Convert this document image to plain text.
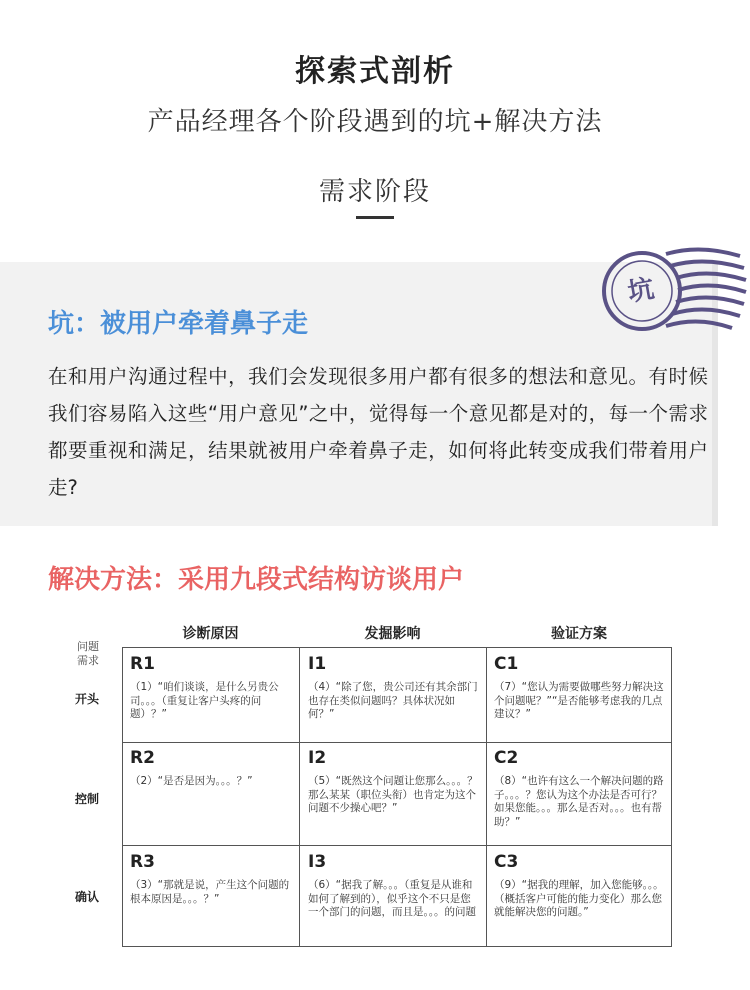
探索式剖析
产品经理各个阶段遇到的坑+解决方法
需求阶段
坑
坑：被用户牵着鼻子走
在和用户沟通过程中，我们会发现很多用户都有很多的想法和意见。有时候我们容易陷入这些“用户意见”之中，觉得每一个意见都是对的，每一个需求都要重视和满足，结果就被用户牵着鼻子走，如何将此转变成我们带着用户走?
解决方法：采用九段式结构访谈用户
诊断原因	发掘影响	验证方案
问题
需求
开头
控制
确认
R1
（1）“咱们谈谈，是什么另贵公司。。。（重复让客户头疼的问题）？”
I1
（4）“除了您，贵公司还有其余部门也存在类似问题吗？具体状况如何？”
C1
（7）“您认为需要做哪些努力解决这个问题呢？”“是否能够考虑我的几点建议？”
R2
（2）“是否是因为。。。？”
I2
（5）“既然这个问题让您那么。。。？那么某某（职位头衔）也肯定为这个问题不少操心吧？”
C2
（8）“也许有这么一个解决问题的路子。。。？您认为这个办法是否可行？如果您能。。。那么是否对。。。也有帮助？”
R3
（3）“那就是说，产生这个问题的根本原因是。。。？”
I3
（6）“据我了解。。。（重复是从谁和如何了解到的），似乎这个不只是您一个部门的问题，而且是。。。的问题
C3
（9）“据我的理解，加入您能够。。。（概括客户可能的能力变化）那么您就能解决您的问题。”
